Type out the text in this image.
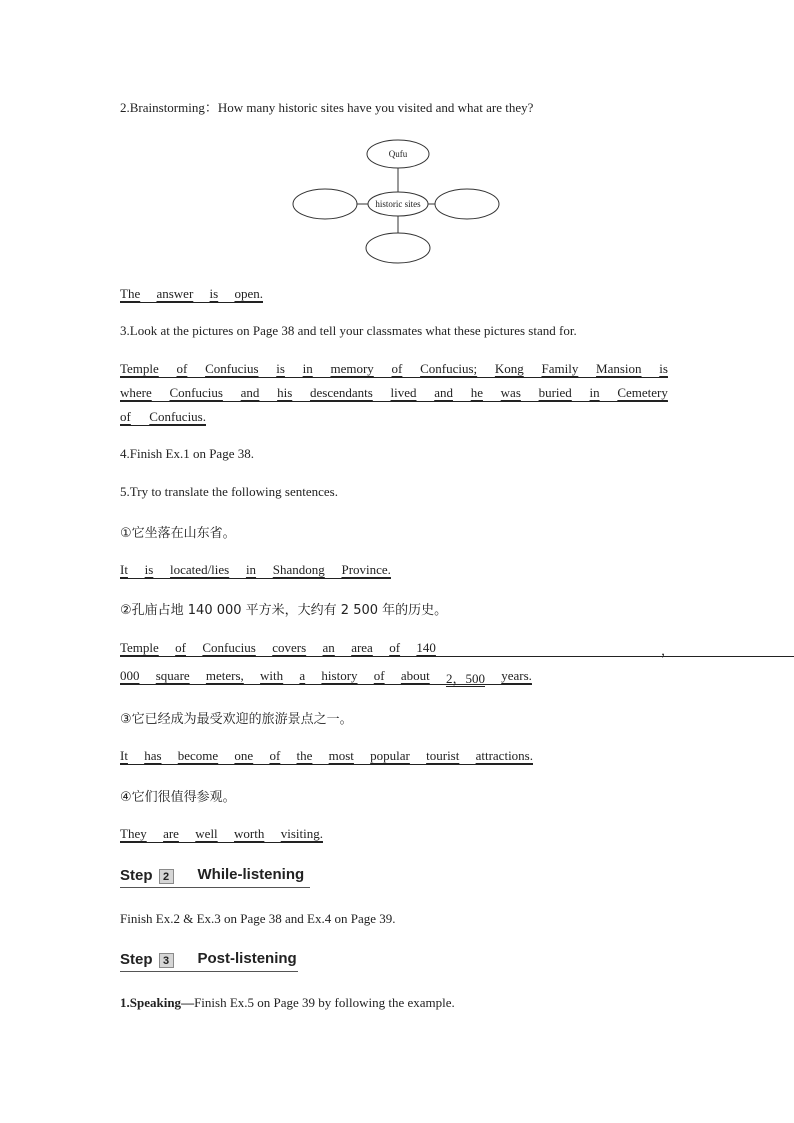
2.Brainstorming：How many historic sites have you visited and what are they?
Qufu
historic sites
The answer is open.
3.Look at the pictures on Page 38 and tell your classmates what these pictures stand for.
Temple of Confucius is in memory of Confucius; Kong Family Mansion is
where Confucius and his descendants lived and he was buried in Cemetery
of Confucius.
4.Finish Ex.1 on Page 38.
5.Try to translate the following sentences.
①它坐落在山东省。
It is located/lies in Shandong Province.
②孔庙占地 140 000 平方米，大约有 2 500 年的历史。
Temple of Confucius covers an area of 140	，
000 square meters, with a history of about 2，500 years.
③它已经成为最受欢迎的旅游景点之一。
It has become one of the most popular tourist attractions.
④它们很值得参观。
They are well worth visiting.
Step 2 While-listening
Finish Ex.2 & Ex.3 on Page 38 and Ex.4 on Page 39.
Step 3 Post-listening
1.Speaking—Finish Ex.5 on Page 39 by following the example.
